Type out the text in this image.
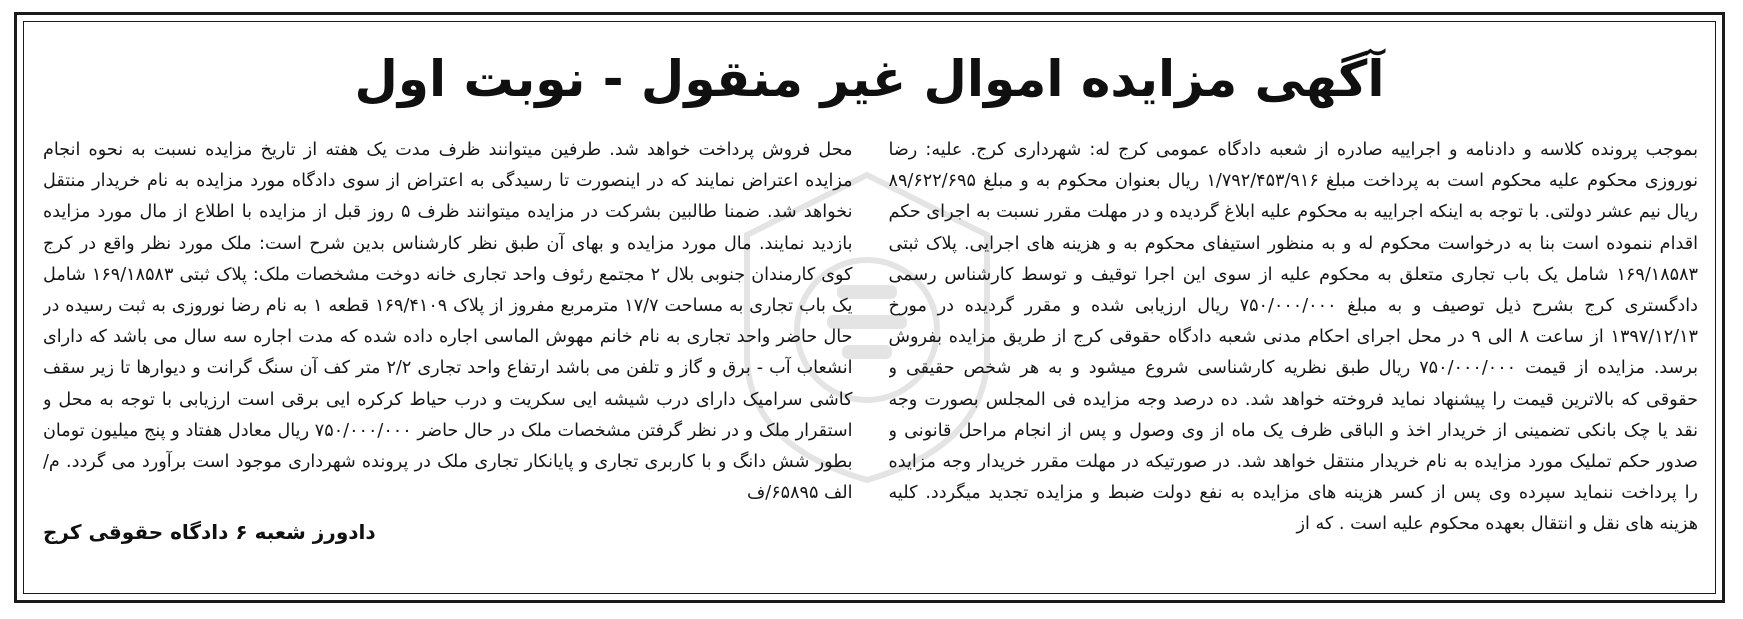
آگهی مزایده اموال غیر منقول - نوبت اول

بموجب پرونده کلاسه و دادنامه و اجراییه صادره از شعبه دادگاه عمومی کرج له: شهرداری کرج. علیه: رضا نوروزی محکوم علیه محکوم است به پرداخت مبلغ ۱/۷۹۲/۴۵۳/۹۱۶ ریال بعنوان محکوم به و مبلغ ۸۹/۶۲۲/۶۹۵ ریال نیم عشر دولتی. با توجه به اینکه اجراییه به محکوم علیه ابلاغ گردیده و در مهلت مقرر نسبت به اجرای حکم اقدام ننموده است بنا به درخواست محکوم له و به منظور استیفای محکوم به و هزینه های اجرایی. پلاک ثبتی ۱۶۹/۱۸۵۸۳ شامل یک باب تجاری متعلق به محکوم علیه از سوی این اجرا توقیف و توسط کارشناس رسمی دادگستری کرج بشرح ذیل توصیف و به مبلغ ۷۵۰/۰۰۰/۰۰۰ ریال ارزیابی شده و مقرر گردیده در مورخ ۱۳۹۷/۱۲/۱۳ از ساعت ۸ الی ۹ در محل اجرای احکام مدنی شعبه دادگاه حقوقی کرج از طریق مزایده بفروش برسد. مزایده از قیمت ۷۵۰/۰۰۰/۰۰۰ ریال طبق نظریه کارشناسی شروع میشود و به هر شخص حقیقی و حقوقی که بالاترین قیمت را پیشنهاد نماید فروخته خواهد شد. ده درصد وجه مزایده فی المجلس بصورت وجه نقد یا چک بانکی تضمینی از خریدار اخذ و الباقی ظرف یک ماه از وی وصول و پس از انجام مراحل قانونی و صدور حکم تملیک مورد مزایده به نام خریدار منتقل خواهد شد. در صورتیکه در مهلت مقرر خریدار وجه مزایده را پرداخت ننماید سپرده وی پس از کسر هزینه های مزایده به نفع دولت ضبط و مزایده تجدید میگردد. کلیه هزینه های نقل و انتقال بعهده محکوم علیه است . که از

محل فروش پرداخت خواهد شد. طرفین میتوانند ظرف مدت یک هفته از تاریخ مزایده نسبت به نحوه انجام مزایده اعتراض نمایند که در اینصورت تا رسیدگی به اعتراض از سوی دادگاه مورد مزایده به نام خریدار منتقل نخواهد شد. ضمنا طالبین بشرکت در مزایده میتوانند ظرف ۵ روز قبل از مزایده با اطلاع از مال مورد مزایده بازدید نمایند. مال مورد مزایده و بهای آن طبق نظر کارشناس بدین شرح است: ملک مورد نظر واقع در کرج کوی کارمندان جنوبی بلال ۲ مجتمع رئوف واحد تجاری خانه دوخت مشخصات ملک: پلاک ثبتی ۱۶۹/۱۸۵۸۳ شامل یک باب تجاری به مساحت ۱۷/۷ مترمربع مفروز از پلاک ۱۶۹/۴۱۰۹ قطعه ۱ به نام رضا نوروزی به ثبت رسیده در حال حاضر واحد تجاری به نام خانم مهوش الماسی اجاره داده شده که مدت اجاره سه سال می باشد که دارای انشعاب آب - برق و گاز و تلفن می باشد ارتفاع واحد تجاری ۲/۲ متر کف آن سنگ گرانت و دیوارها تا زیر سقف کاشی سرامیک دارای درب شیشه ایی سکریت و درب حیاط کرکره ایی برقی است ارزیابی با توجه به محل و استقرار ملک و در نظر گرفتن مشخصات ملک در حال حاضر ۷۵۰/۰۰۰/۰۰۰ ریال معادل هفتاد و پنج میلیون تومان بطور شش دانگ و با کاربری تجاری و پایانکار تجاری ملک در پرونده شهرداری موجود است برآورد می گردد. م/الف ۶۵۸۹۵/ف

دادورز شعبه ۶ دادگاه حقوقی کرج
